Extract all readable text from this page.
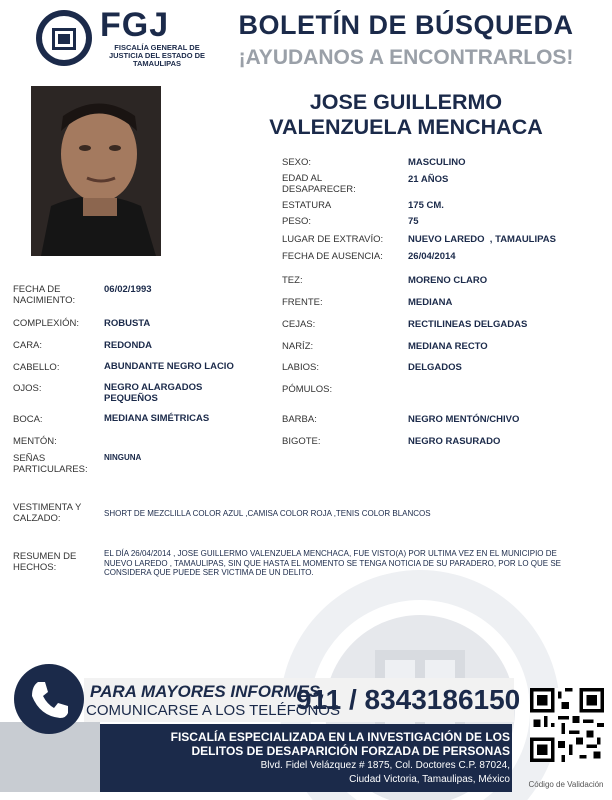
FGJ
FISCALÍA GENERAL DE JUSTICIA DEL ESTADO DE TAMAULIPAS
BOLETÍN DE BÚSQUEDA
¡AYUDANOS A ENCONTRARLOS!
JOSE GUILLERMO
VALENZUELA MENCHACA
SEXO:	MASCULINO
EDAD AL DESAPARECER:
21 AÑOS
ESTATURA	175 CM.
PESO:	75
LUGAR DE EXTRAVÍO:	NUEVO LAREDO  , TAMAULIPAS
FECHA DE AUSENCIA:	26/04/2014
TEZ:	MORENO CLARO
FRENTE:	MEDIANA
CEJAS:	RECTILINEAS DELGADAS
NARÍZ:	MEDIANA RECTO
LABIOS:	DELGADOS
PÓMULOS:
BARBA:	NEGRO MENTÓN/CHIVO
BIGOTE:	NEGRO RASURADO
FECHA DE NACIMIENTO:
06/02/1993
COMPLEXIÓN:	ROBUSTA
CARA:	REDONDA
CABELLO:	ABUNDANTE NEGRO LACIO
OJOS:	NEGRO ALARGADOS PEQUEÑOS
BOCA:	MEDIANA SIMÉTRICAS
MENTÓN:
SEÑAS PARTICULARES:
NINGUNA
VESTIMENTA Y CALZADO:	SHORT DE MEZCLILLA COLOR AZUL ,CAMISA COLOR ROJA ,TENIS COLOR BLANCOS
RESUMEN DE HECHOS:
EL DÍA 26/04/2014 , JOSE GUILLERMO VALENZUELA MENCHACA, FUE VISTO(A) POR ULTIMA VEZ EN EL MUNICIPIO DE NUEVO LAREDO , TAMAULIPAS, SIN QUE HASTA EL MOMENTO SE TENGA NOTICIA DE SU PARADERO, POR LO QUE SE CONSIDERA QUE PUEDE SER VICTIMA DE UN DELITO.
PARA MAYORES INFORMES,
COMUNICARSE A LOS TELÉFONOS
911 / 8343186150
FISCALÍA ESPECIALIZADA EN LA INVESTIGACIÓN DE LOS
DELITOS DE DESAPARICIÓN FORZADA DE PERSONAS
Blvd. Fidel Velázquez # 1875, Col. Doctores C.P. 87024,
Ciudad Victoria, Tamaulipas, México	Código de Validación
